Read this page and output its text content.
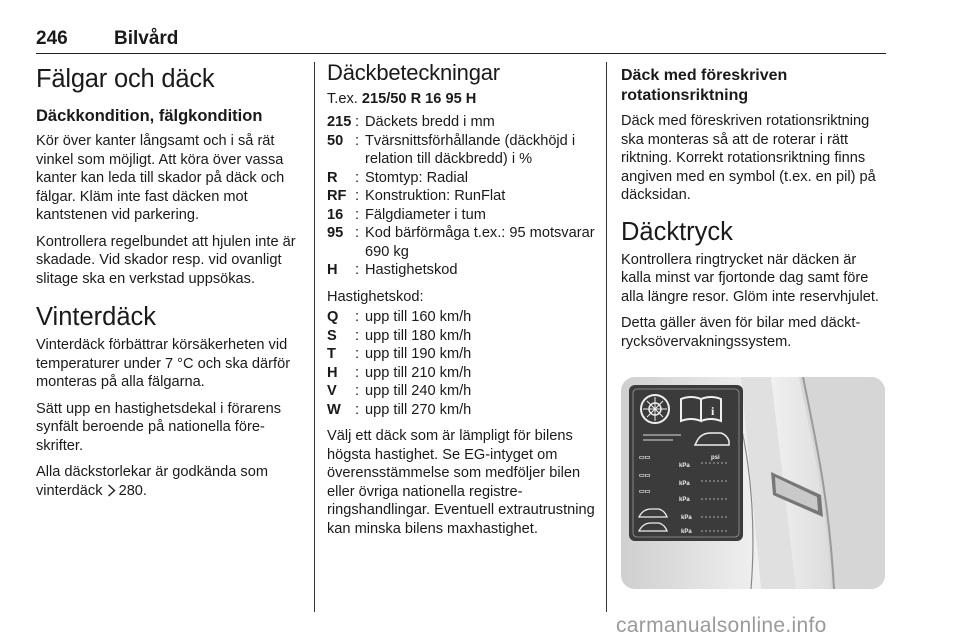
246 Bilvård
Fälgar och däck
Däckkondition, fälgkondition

Kör över kanter långsamt och i så rät vinkel som möjligt. Att köra över vassa kanter kan leda till skador på däck och fälgar. Kläm inte fast däcken mot kantstenen vid parkering.

Kontrollera regelbundet att hjulen inte är skadade. Vid skador resp. vid ovanligt slitage ska en verkstad uppsökas.

Vinterdäck

Vinterdäck förbättrar körsäkerheten vid temperaturer under 7 °C och ska därför monteras på alla fälgarna.

Sätt upp en hastighetsdekal i förarens synfält beroende på nationella föreskrifter.

Alla däckstorlekar är godkända som vinterdäck 280.

Däckbeteckningar
T.ex. 215/50 R 16 95 H
215 : Däckets bredd i mm
50 : Tvärsnittsförhållande (däckhöjd i relation till däckbredd) i %
R	: Stomtyp: Radial
RF : Konstruktion: RunFlat
16 : Fälgdiameter i tum
95 : Kod bärförmåga t.ex.: 95 motsvarar 690 kg
H	: Hastighetskod

Hastighetskod:

Q	: upp till 160 km/h
S	: upp till 180 km/h
T	: upp till 190 km/h
H	: upp till 210 km/h
V	: upp till 240 km/h
W : upp till 270 km/h

Välj ett däck som är lämpligt för bilens högsta hastighet. Se EG-intyget om överensstämmelse som medföljer bilen eller övriga nationella registreringshandlingar. Eventuell extrautrustning kan minska bilens maxhastighet.

Däck med föreskriven rotationsriktning

Däck med föreskriven rotationsriktning ska monteras så att de roterar i rätt riktning. Korrekt rotationsriktning finns angiven med en symbol (t.ex. en pil) på däcksidan.

Däcktryck

Kontrollera ringtrycket när däcken är kalla minst var fjortonde dag samt före alla längre resor. Glöm inte reservhjulet.

Detta gäller även för bilar med däcktrycksövervakningssystem.

i
▭▭
kPa
▭▭
kPa
▭▭
kPa
kPa
kPa
psi
carmanualsonline.info
